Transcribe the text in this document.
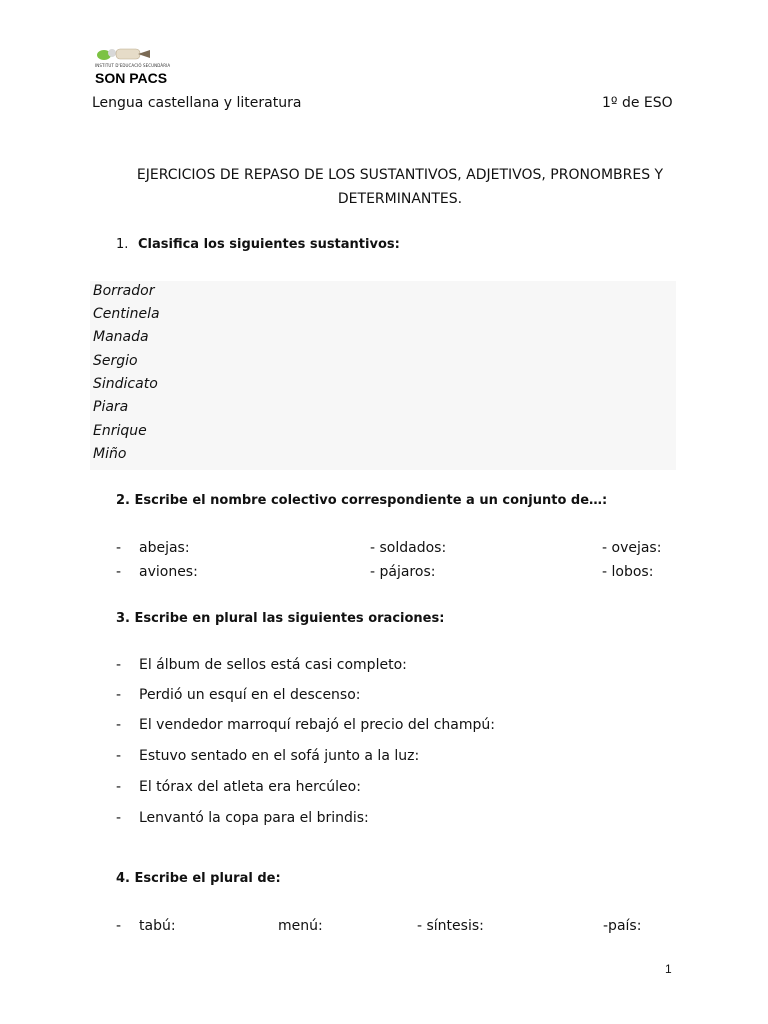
INSTITUT D'EDUCACIÓ SECUNDÀRIA
SON PACS
Lengua castellana y literatura	1º de ESO
EJERCICIOS DE REPASO DE LOS SUSTANTIVOS, ADJETIVOS, PRONOMBRES Y
DETERMINANTES.
1. Clasifica los siguientes sustantivos:
Borrador
Centinela
Manada
Sergio
Sindicato
Piara
Enrique
Miño
2. Escribe el nombre colectivo correspondiente a un conjunto de…:
- abejas:	- soldados:	- ovejas:
- aviones:	- pájaros:	- lobos:
3. Escribe en plural las siguientes oraciones:
- El álbum de sellos está casi completo:
- Perdió un esquí en el descenso:
- El vendedor marroquí rebajó el precio del champú:
- Estuvo sentado en el sofá junto a la luz:
- El tórax del atleta era hercúleo:
- Lenvantó la copa para el brindis:
4. Escribe el plural de:
- tabú:	menú:	- síntesis:	-país:
1
